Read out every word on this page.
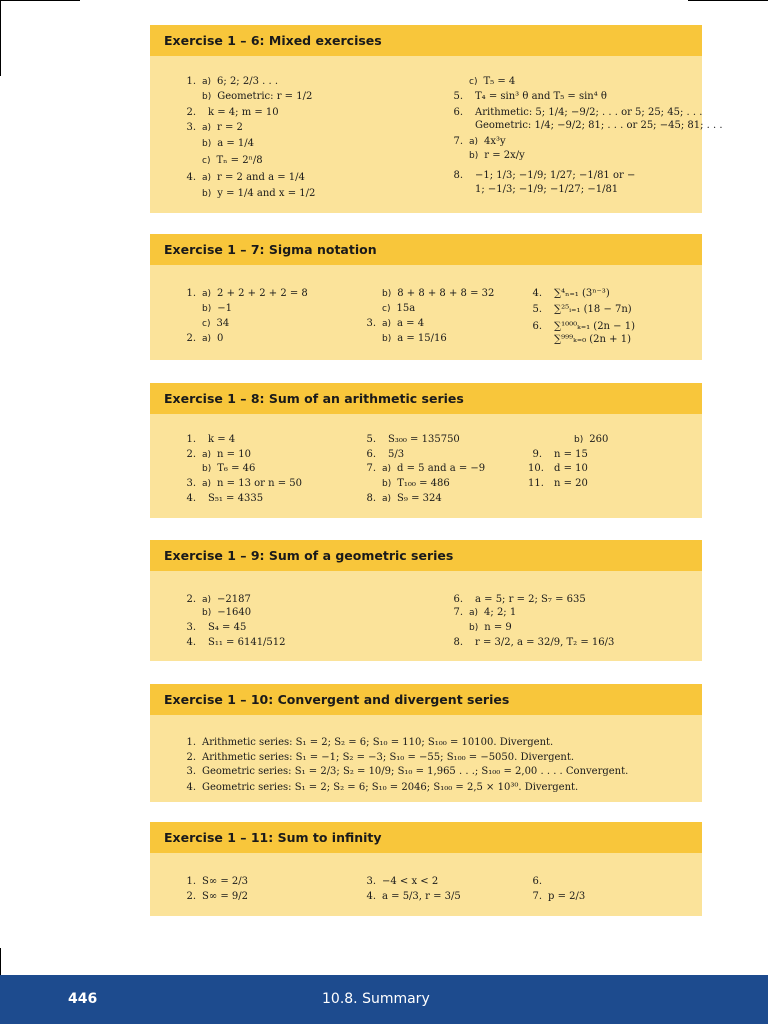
Exercise 1 – 6: Mixed exercises
1. a) 6; 2; 2/3 . . .
b) Geometric: r = 1/2
2. k = 4; m = 10
3. a) r = 2
b) a = 1/4
c) Tₙ = 2ⁿ/8
4. a) r = 2 and a = 1/4
b) y = 1/4 and x = 1/2
c) T₅ = 4
5. T₄ = sin³ θ and T₅ = sin⁴ θ
6. Arithmetic: 5; 1/4; −9/2; . . . or 5; 25; 45; . . .
Geometric: 1/4; −9/2; 81; . . . or 25; −45; 81; . . .
7. a) 4x³y
b) r = 2x/y
8. −1; 1/3; −1/9; 1/27; −1/81 or −
1; −1/3; −1/9; −1/27; −1/81
Exercise 1 – 7: Sigma notation
1. a) 2 + 2 + 2 + 2 = 8
b) −1
c) 34
2. a) 0
b) 8 + 8 + 8 + 8 = 32
c) 15a
3. a) a = 4
b) a = 15/16
4. ∑⁴ₙ₌₁ (3ⁿ⁻³)
5. ∑²⁵ᵢ₌₁ (18 − 7n)
6. ∑¹⁰⁰⁰ₖ₌₁ (2n − 1)
∑⁹⁹⁹ₖ₌₀ (2n + 1)
Exercise 1 – 8: Sum of an arithmetic series
1. k = 4
2. a) n = 10
b) T₆ = 46
3. a) n = 13 or n = 50
4. S₅₁ = 4335
5. S₃₀₀ = 135750
6. 5/3
7. a) d = 5 and a = −9
b) T₁₀₀ = 486
8. a) S₉ = 324
b) 260
9. n = 15
10. d = 10
11. n = 20
Exercise 1 – 9: Sum of a geometric series
2. a) −2187
b) −1640
3. S₄ = 45
4. S₁₁ = 6141/512
6. a = 5; r = 2; S₇ = 635
7. a) 4; 2; 1
b) n = 9
8. r = 3/2, a = 32/9, T₂ = 16/3
Exercise 1 – 10: Convergent and divergent series
1. Arithmetic series: S₁ = 2; S₂ = 6; S₁₀ = 110; S₁₀₀ = 10100. Divergent.
2. Arithmetic series: S₁ = −1; S₂ = −3; S₁₀ = −55; S₁₀₀ = −5050. Divergent.
3. Geometric series: S₁ = 2/3; S₂ = 10/9; S₁₀ = 1,965 . . .; S₁₀₀ = 2,00 . . . . Convergent.
4. Geometric series: S₁ = 2; S₂ = 6; S₁₀ = 2046; S₁₀₀ = 2,5 × 10³⁰. Divergent.
Exercise 1 – 11: Sum to infinity
1. S∞ = 2/3
2. S∞ = 9/2
3. −4 < x < 2
4. a = 5/3, r = 3/5
6.
7. p = 2/3
446	10.8. Summary
